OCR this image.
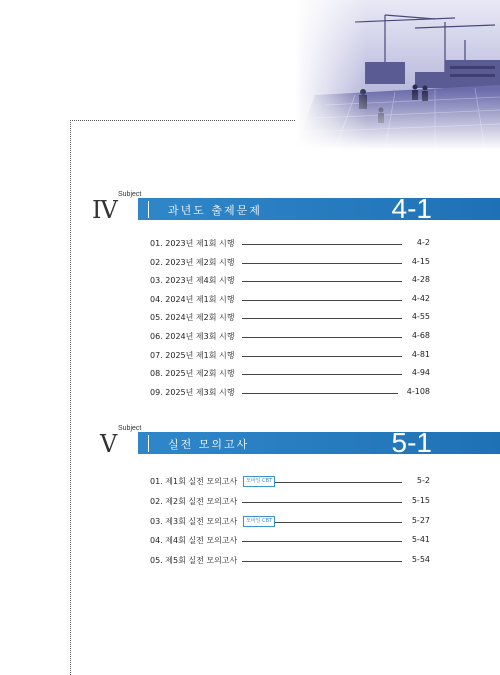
IV
Subject
과년도 출제문제	4-1
01. 2023년 제1회 시행	4-2
02. 2023년 제2회 시행	4-15
03. 2023년 제4회 시행	4-28
04. 2024년 제1회 시행	4-42
05. 2024년 제2회 시행	4-55
06. 2024년 제3회 시행	4-68
07. 2025년 제1회 시행	4-81
08. 2025년 제2회 시행	4-94
09. 2025년 제3회 시행	4-108
V
Subject
실전 모의고사	5-1
01. 제1회 실전 모의고사	모바일 CBT	5-2
02. 제2회 실전 모의고사	5-15
03. 제3회 실전 모의고사	모바일 CBT	5-27
04. 제4회 실전 모의고사	5-41
05. 제5회 실전 모의고사	5-54
